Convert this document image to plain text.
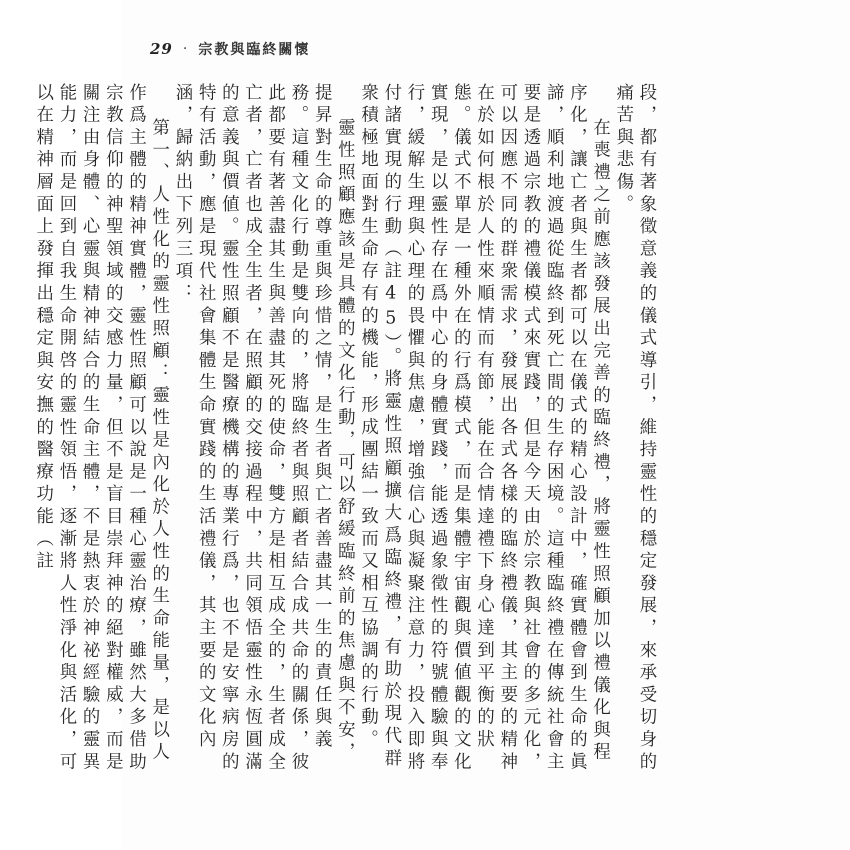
29 · 宗教與臨終關懷

段，都有著象徵意義的儀式導引，維持靈性的穩定發展，來承受切身的痛苦與悲傷。

在喪禮之前應該發展出完善的臨終禮，將靈性照顧加以禮儀化與程序化，讓亡者與生者都可以在儀式的精心設計中，確實體會到生命的眞諦，順利地渡過從臨終到死亡間的生存困境。這種臨終禮在傳統社會主要是透過宗教的禮儀模式來實踐，但是今天由於宗教與社會的多元化，可以因應不同的群衆需求，發展出各式各樣的臨終禮儀，其主要的精神在於如何根於人性來順情而有節，能在合情達禮下身心達到平衡的狀態。儀式不單是一種外在的行爲模式，而是集體宇宙觀與價値觀的文化實現，是以靈性存在爲中心的身體實踐，能透過象徵性的符號體驗與奉行，緩解生理與心理的畏懼與焦慮，增強信心與凝聚注意力，投入即將付諸實現的行動（註45）。將靈性照顧擴大爲臨終禮，有助於現代群衆積極地面對生命存有的機能，形成團結一致而又相互協調的行動。

靈性照顧應該是具體的文化行動，可以舒緩臨終前的焦慮與不安，提昇對生命的尊重與珍惜之情，是生者與亡者善盡其一生的責任與義務。這種文化行動是雙向的，將臨終者與照顧者結合成共命的關係，彼此都要有著善盡其生與善盡其死的使命，雙方是相互成全的，生者成全亡者，亡者也成全生者，在照顧的交接過程中，共同領悟靈性永恆圓滿的意義與價値。靈性照顧不是醫療機構的專業行爲，也不是安寧病房的特有活動，應是現代社會集體生命實踐的生活禮儀，其主要的文化內涵，歸納出下列三項：

第一、人性化的靈性照顧：靈性是內化於人性的生命能量，是以人作爲主體的精神實體，靈性照顧可以說是一種心靈治療，雖然大多借助宗教信仰的神聖領域的交感力量，但不是盲目崇拜神的絕對權威，而是關注由身體、心靈與精神結合的生命主體，不是熱衷於神祕經驗的靈異能力，而是回到自我生命開啓的靈性領悟，逐漸將人性淨化與活化，可以在精神層面上發揮出穩定與安撫的醫療功能（註
